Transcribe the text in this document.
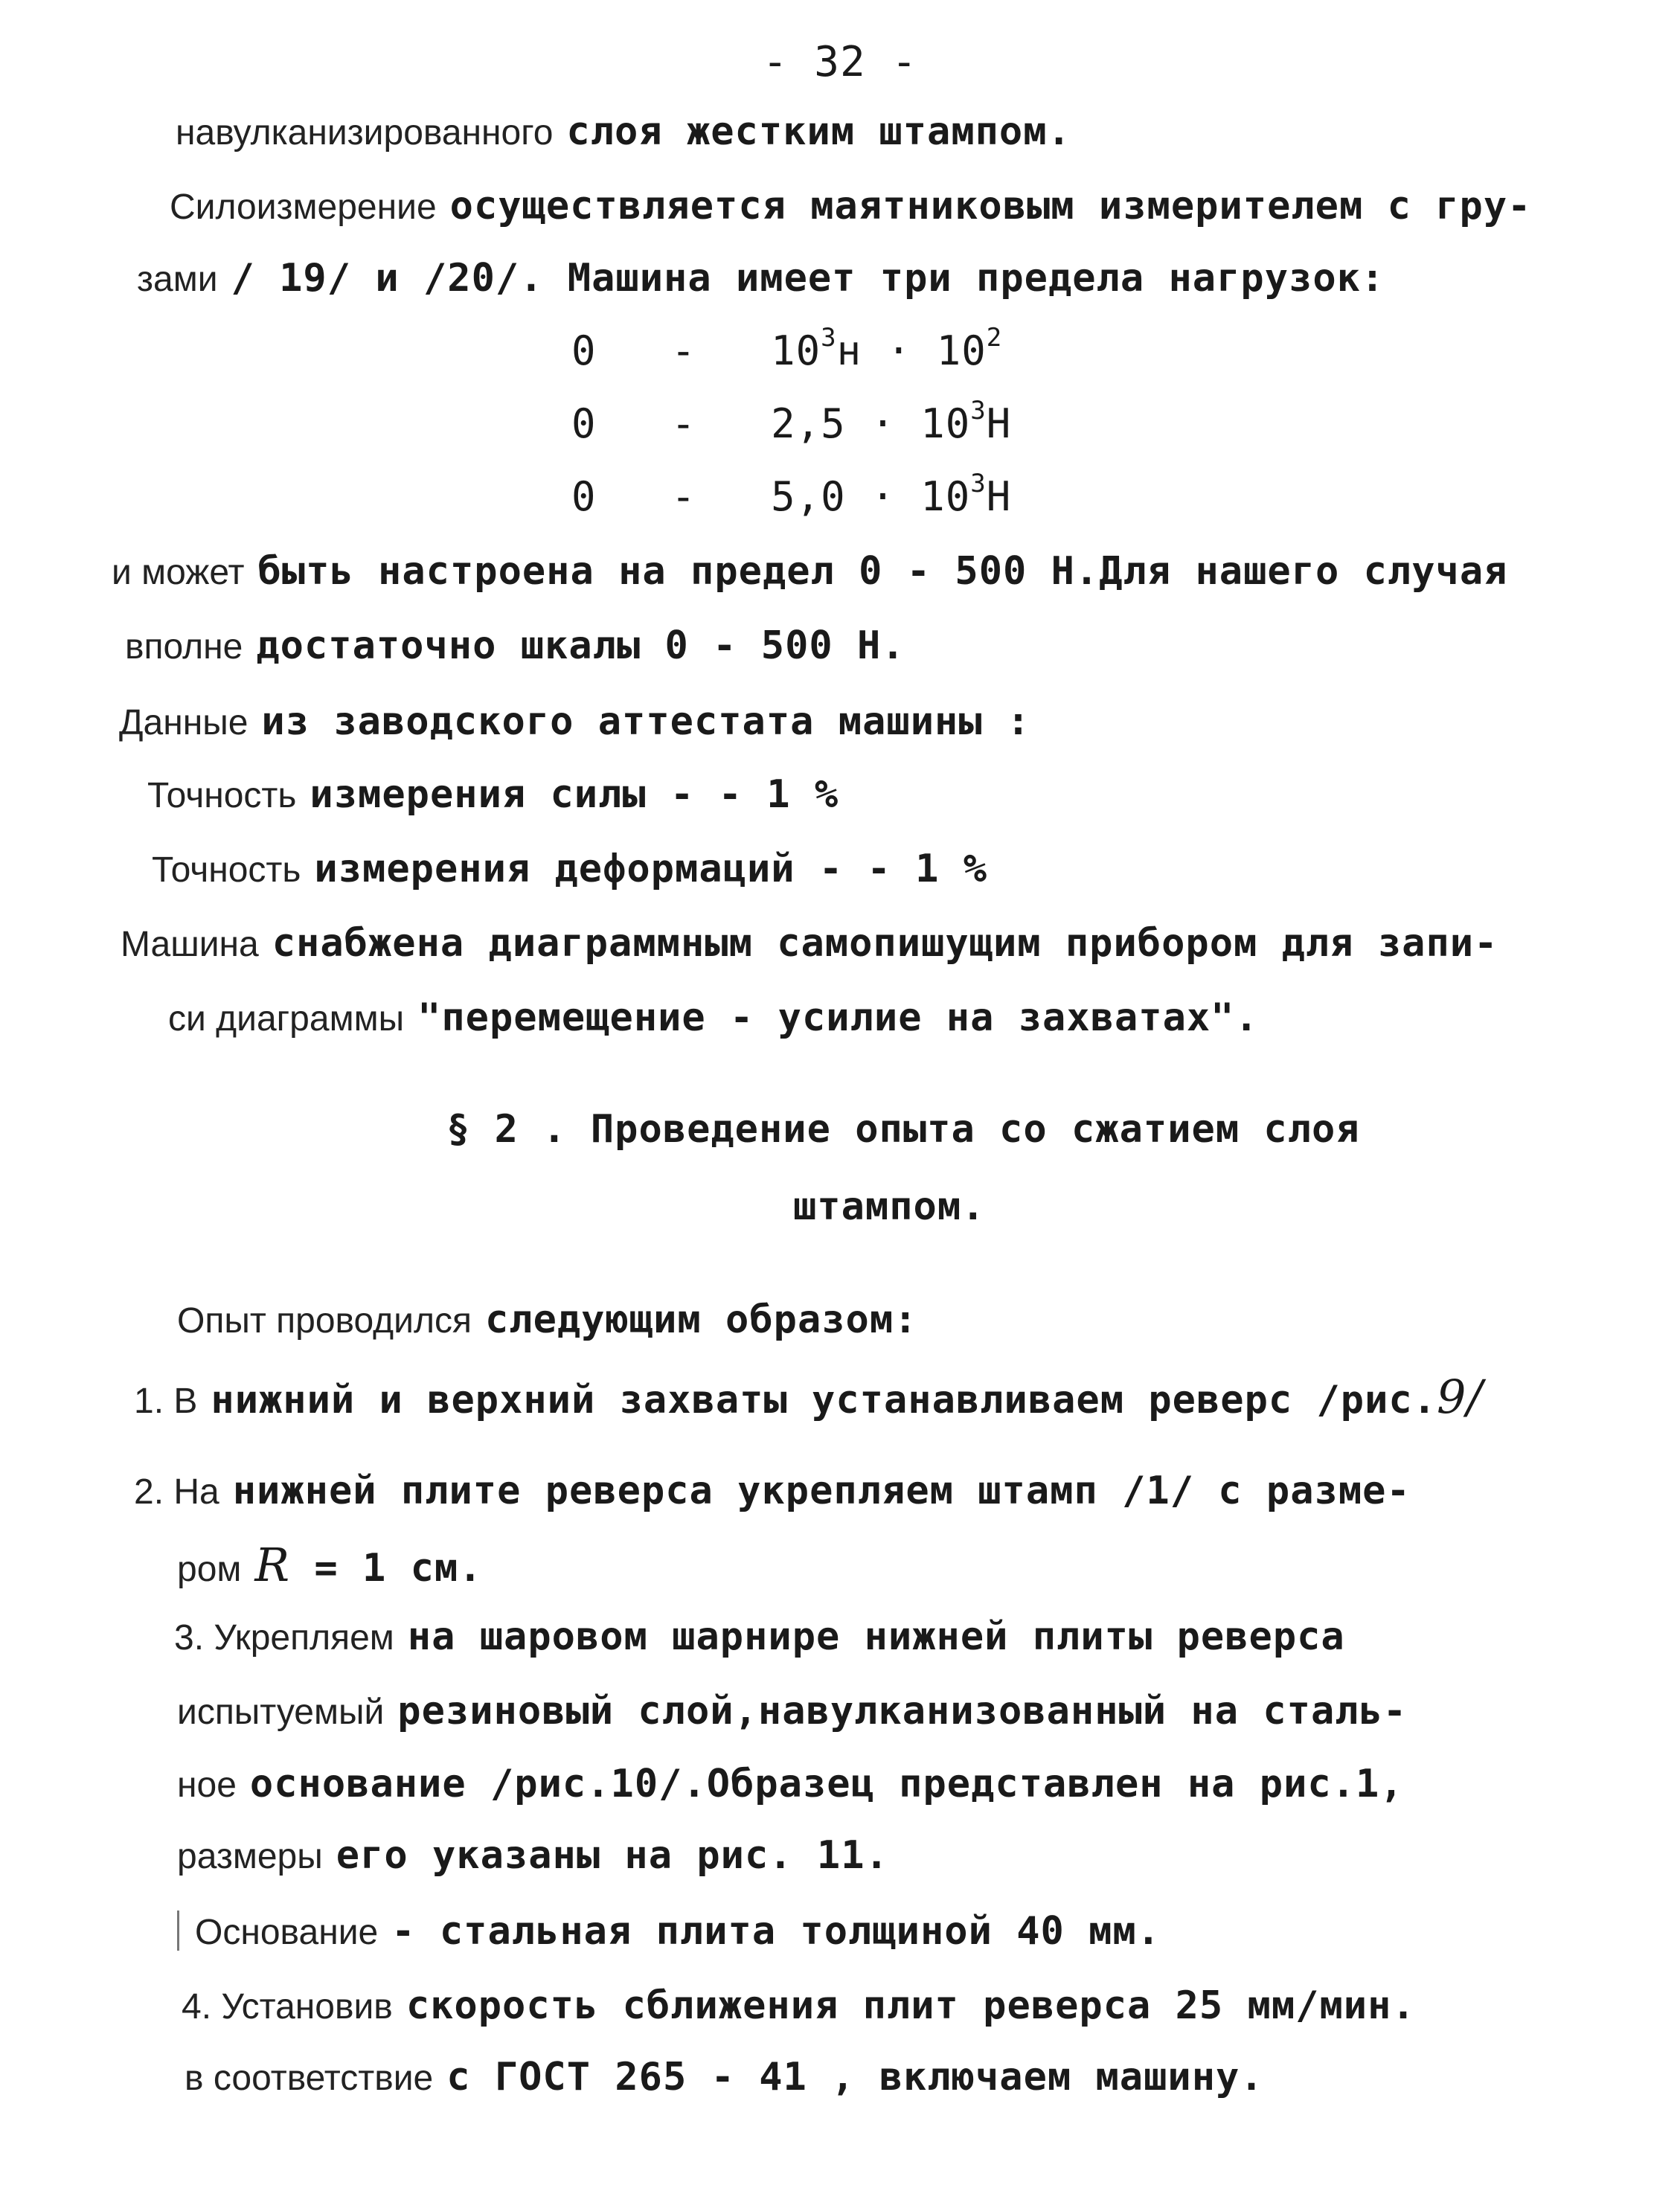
- 32 -
навулканизированного слоя жестким штампом.
Силоизмерение осуществляется маятниковым измерителем с гру-
зами / 19/ и /20/. Машина имеет три предела нагрузок:
$0 - 10^3н \cdot 10^2$
$0 - 2,5 \cdot 10^3Н$
$0 - 5,0 \cdot 10^3Н$
и может быть настроена на предел 0 - 500 Н.Для нашего случая
вполне достаточно шкалы 0 - 500 Н.
Данные из заводского аттестата машины :
Точность измерения силы - - 1 %
Точность измерения деформаций - - 1 %
Машина снабжена диаграммным самопишущим прибором для запи-
си диаграммы "перемещение - усилие на захватах".
§ 2 . Проведение опыта со сжатием слоя
штампом.
Опыт проводился следующим образом:
1. В нижний и верхний захваты устанавливаем реверс /рис.9/
2. На нижней плите реверса укрепляем штамп /1/ с разме-
ром R = 1 см.
3. Укрепляем на шаровом шарнире нижней плиты реверса
испытуемый резиновый слой,навулканизованный на сталь-
ное основание /рис.10/.Образец представлен на рис.1,
размеры его указаны на рис. 11.
Основание - стальная плита толщиной 40 мм.
4. Установив скорость сближения плит реверса 25 мм/мин.
в соответствие с ГОСТ 265 - 41 , включаем машину.
